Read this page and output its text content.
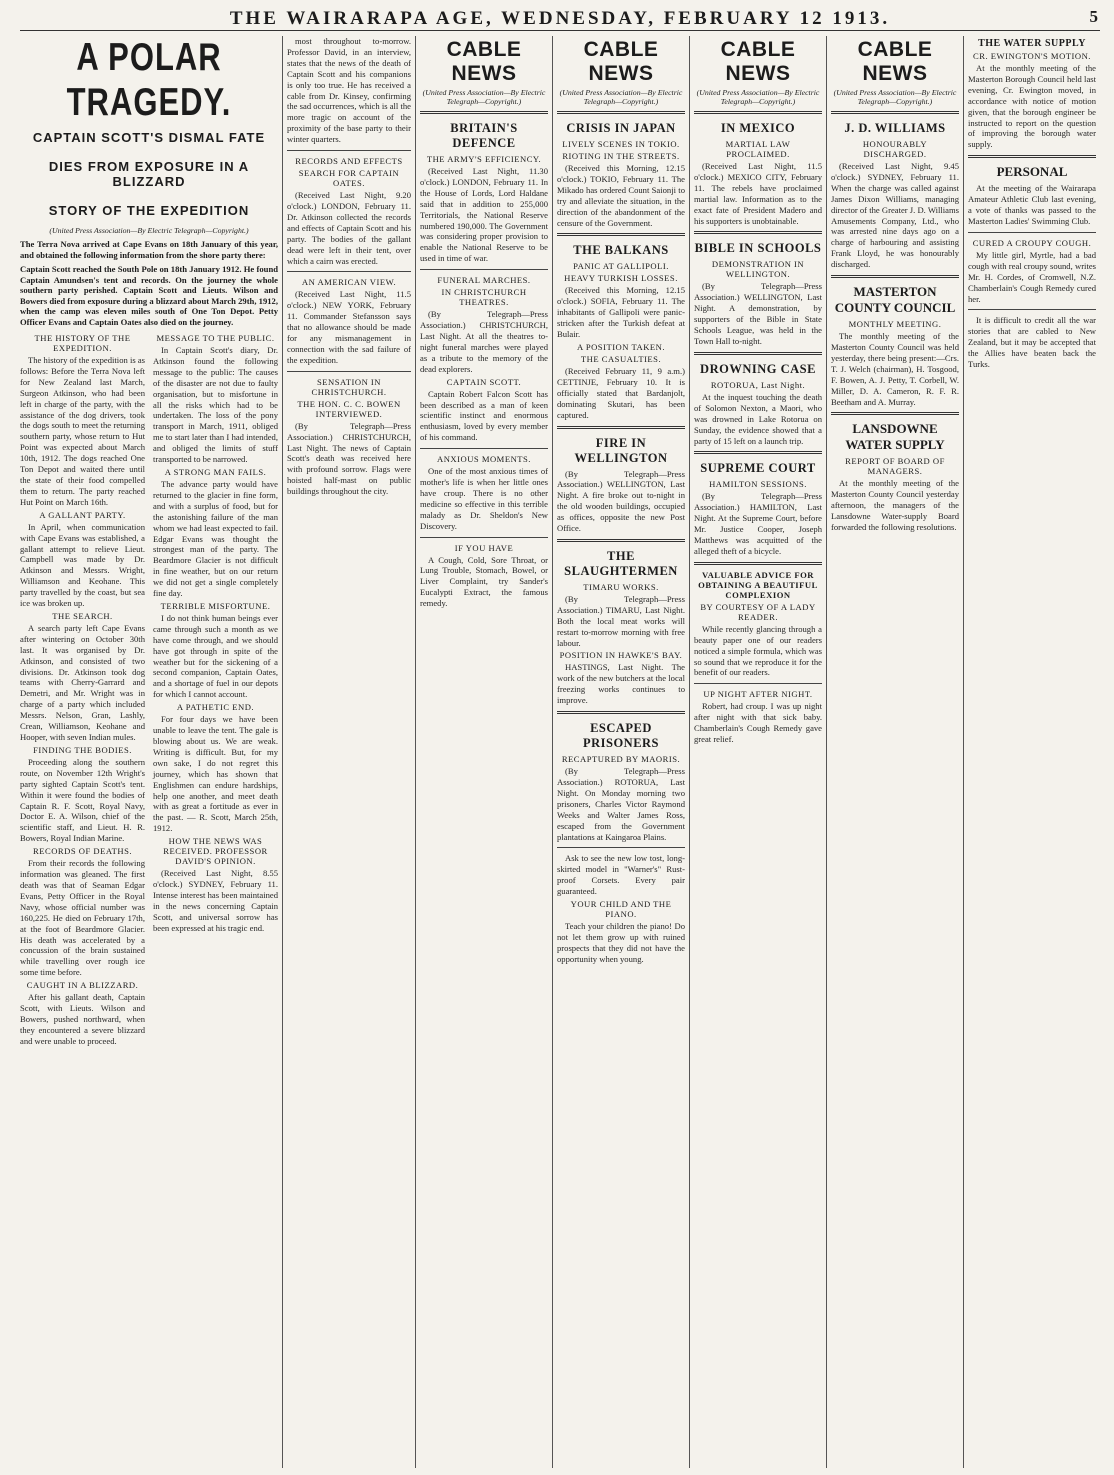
THE WAIRARAPA AGE, WEDNESDAY, FEBRUARY 12 1913.	5
A POLAR TRAGEDY.
CAPTAIN SCOTT'S DISMAL FATE
DIES FROM EXPOSURE IN A BLIZZARD
STORY OF THE EXPEDITION
(United Press Association—By Electric Telegraph—Copyright.)

The Terra Nova arrived at Cape Evans on 18th January of this year, and obtained the following information from the shore party there:

Captain Scott reached the South Pole on 18th January 1912. He found Captain Amundsen's tent and records. On the journey the whole southern party perished. Captain Scott and Lieuts. Wilson and Bowers died from exposure during a blizzard about March 29th, 1912, when the camp was eleven miles south of One Ton Depot. Petty Officer Evans and Captain Oates also died on the journey.

THE HISTORY OF THE EXPEDITION.

The history of the expedition is as follows: Before the Terra Nova left for New Zealand last March, Surgeon Atkinson, who had been left in charge of the party, with the assistance of the dog drivers, took the dogs south to meet the returning southern party, whose return to Hut Point was expected about March 10th, 1912. The dogs reached One Ton Depot and waited there until the state of their food compelled them to return. The party reached Hut Point on March 16th.

A GALLANT PARTY.

In April, when communication with Cape Evans was established, a gallant attempt to relieve Lieut. Campbell was made by Dr. Atkinson and Messrs. Wright, Williamson and Keohane. This party travelled by the coast, but sea ice was broken up.

THE SEARCH.

A search party left Cape Evans after wintering on October 30th last. It was organised by Dr. Atkinson, and consisted of two divisions. Dr. Atkinson took dog teams with Cherry-Garrard and Demetri, and Mr. Wright was in charge of a party which included Messrs. Nelson, Gran, Lashly, Crean, Williamson, Keohane and Hooper, with seven Indian mules.

FINDING THE BODIES.

Proceeding along the southern route, on November 12th Wright's party sighted Captain Scott's tent. Within it were found the bodies of Captain R. F. Scott, Royal Navy, Doctor E. A. Wilson, chief of the scientific staff, and Lieut. H. R. Bowers, Royal Indian Marine.

RECORDS OF DEATHS.

From their records the following information was gleaned. The first death was that of Seaman Edgar Evans, Petty Officer in the Royal Navy, whose official number was 160,225. He died on February 17th, at the foot of Beardmore Glacier. His death was accelerated by a concussion of the brain sustained while travelling over rough ice some time before.

CAUGHT IN A BLIZZARD.

After his gallant death, Captain Scott, with Lieuts. Wilson and Bowers, pushed northward, when they encountered a severe blizzard and were unable to proceed.

MESSAGE TO THE PUBLIC.

In Captain Scott's diary, Dr. Atkinson found the following message to the public: The causes of the disaster are not due to faulty organisation, but to misfortune in all the risks which had to be undertaken. The loss of the pony transport in March, 1911, obliged me to start later than I had intended, and obliged the limits of stuff transported to be narrowed.

A STRONG MAN FAILS.

The advance party would have returned to the glacier in fine form, and with a surplus of food, but for the astonishing failure of the man whom we had least expected to fail. Edgar Evans was thought the strongest man of the party. The Beardmore Glacier is not difficult in fine weather, but on our return we did not get a single completely fine day.

TERRIBLE MISFORTUNE.

I do not think human beings ever came through such a month as we have come through, and we should have got through in spite of the weather but for the sickening of a second companion, Captain Oates, and a shortage of fuel in our depots for which I cannot account.

A PATHETIC END.

For four days we have been unable to leave the tent. The gale is blowing about us. We are weak. Writing is difficult. But, for my own sake, I do not regret this journey, which has shown that Englishmen can endure hardships, help one another, and meet death with as great a fortitude as ever in the past. — R. Scott, March 25th, 1912.

HOW THE NEWS WAS RECEIVED. PROFESSOR DAVID'S OPINION.

(Received Last Night, 8.55 o'clock.) SYDNEY, February 11. Intense interest has been maintained in the news concerning Captain Scott, and universal sorrow has been expressed at his tragic end.

most throughout to-morrow. Professor David, in an interview, states that the news of the death of Captain Scott and his companions is only too true. He has received a cable from Dr. Kinsey, confirming the sad occurrences, which is all the more tragic on account of the proximity of the base party to their winter quarters.

RECORDS AND EFFECTS
SEARCH FOR CAPTAIN OATES.

(Received Last Night, 9.20 o'clock.) LONDON, February 11. Dr. Atkinson collected the records and effects of Captain Scott and his party. The bodies of the gallant dead were left in their tent, over which a cairn was erected.

AN AMERICAN VIEW.

(Received Last Night, 11.5 o'clock.) NEW YORK, February 11. Commander Stefansson says that no allowance should be made for any mismanagement in connection with the sad failure of the expedition.

SENSATION IN CHRISTCHURCH.
THE HON. C. C. BOWEN INTERVIEWED.

(By Telegraph—Press Association.) CHRISTCHURCH, Last Night. The news of Captain Scott's death was received here with profound sorrow. Flags were hoisted half-mast on public buildings throughout the city.

CABLE NEWS
(United Press Association—By Electric Telegraph—Copyright.)
BRITAIN'S DEFENCE
THE ARMY'S EFFICIENCY.

(Received Last Night, 11.30 o'clock.) LONDON, February 11. In the House of Lords, Lord Haldane said that in addition to 255,000 Territorials, the National Reserve numbered 190,000. The Government was considering proper provision to enable the National Reserve to be used in time of war.

FUNERAL MARCHES.
IN CHRISTCHURCH THEATRES.

(By Telegraph—Press Association.) CHRISTCHURCH, Last Night. At all the theatres to-night funeral marches were played as a tribute to the memory of the dead explorers.

CAPTAIN SCOTT.

Captain Robert Falcon Scott has been described as a man of keen scientific instinct and enormous enthusiasm, loved by every member of his command.

ANXIOUS MOMENTS.

One of the most anxious times of mother's life is when her little ones have croup. There is no other medicine so effective in this terrible malady as Dr. Sheldon's New Discovery.

IF YOU HAVE

A Cough, Cold, Sore Throat, or Lung Trouble, Stomach, Bowel, or Liver Complaint, try Sander's Eucalypti Extract, the famous remedy.

CABLE NEWS
(United Press Association—By Electric Telegraph—Copyright.)
CRISIS IN JAPAN
LIVELY SCENES IN TOKIO.
RIOTING IN THE STREETS.

(Received this Morning, 12.15 o'clock.) TOKIO, February 11. The Mikado has ordered Count Saionji to try and alleviate the situation, in the direction of the abandonment of the censure of the Government.

THE BALKANS
PANIC AT GALLIPOLI.
HEAVY TURKISH LOSSES.

(Received this Morning, 12.15 o'clock.) SOFIA, February 11. The inhabitants of Gallipoli were panic-stricken after the Turkish defeat at Bulair.

A POSITION TAKEN.
THE CASUALTIES.

(Received February 11, 9 a.m.) CETTINJE, February 10. It is officially stated that Bardanjolt, dominating Skutari, has been captured.

FIRE IN WELLINGTON

(By Telegraph—Press Association.) WELLINGTON, Last Night. A fire broke out to-night in the old wooden buildings, occupied as offices, opposite the new Post Office.

THE SLAUGHTERMEN
TIMARU WORKS.

(By Telegraph—Press Association.) TIMARU, Last Night. Both the local meat works will restart to-morrow morning with free labour.

POSITION IN HAWKE'S BAY.

HASTINGS, Last Night. The work of the new butchers at the local freezing works continues to improve.

ESCAPED PRISONERS
RECAPTURED BY MAORIS.

(By Telegraph—Press Association.) ROTORUA, Last Night. On Monday morning two prisoners, Charles Victor Raymond Weeks and Walter James Ross, escaped from the Government plantations at Kaingaroa Plains.

Ask to see the new low tost, long-skirted model in "Warner's" Rust-proof Corsets. Every pair guaranteed.

YOUR CHILD AND THE PIANO.

Teach your children the piano! Do not let them grow up with ruined prospects that they did not have the opportunity when young.

CABLE NEWS
(United Press Association—By Electric Telegraph—Copyright.)
IN MEXICO
MARTIAL LAW PROCLAIMED.

(Received Last Night, 11.5 o'clock.) MEXICO CITY, February 11. The rebels have proclaimed martial law. Information as to the exact fate of President Madero and his supporters is unobtainable.

BIBLE IN SCHOOLS
DEMONSTRATION IN WELLINGTON.

(By Telegraph—Press Association.) WELLINGTON, Last Night. A demonstration, by supporters of the Bible in State Schools League, was held in the Town Hall to-night.

DROWNING CASE
ROTORUA, Last Night.

At the inquest touching the death of Solomon Nexton, a Maori, who was drowned in Lake Rotorua on Sunday, the evidence showed that a party of 15 left on a launch trip.

SUPREME COURT
HAMILTON SESSIONS.

(By Telegraph—Press Association.) HAMILTON, Last Night. At the Supreme Court, before Mr. Justice Cooper, Joseph Matthews was acquitted of the alleged theft of a bicycle.

VALUABLE ADVICE FOR OBTAINING A BEAUTIFUL COMPLEXION
BY COURTESY OF A LADY READER.

While recently glancing through a beauty paper one of our readers noticed a simple formula, which was so sound that we reproduce it for the benefit of our readers.

UP NIGHT AFTER NIGHT.

Robert, had croup. I was up night after night with that sick baby. Chamberlain's Cough Remedy gave great relief.

CABLE NEWS
(United Press Association—By Electric Telegraph—Copyright.)
J. D. WILLIAMS
HONOURABLY DISCHARGED.

(Received Last Night, 9.45 o'clock.) SYDNEY, February 11. When the charge was called against James Dixon Williams, managing director of the Greater J. D. Williams Amusements Company, Ltd., who was arrested nine days ago on a charge of harbouring and assisting Frank Lloyd, he was honourably discharged.

MASTERTON COUNTY COUNCIL
MONTHLY MEETING.

The monthly meeting of the Masterton County Council was held yesterday, there being present:—Crs. T. J. Welch (chairman), H. Tosgood, F. Bowen, A. J. Petty, T. Corbell, W. Miller, D. A. Cameron, R. F. R. Beetham and A. Murray.

LANSDOWNE WATER SUPPLY
REPORT OF BOARD OF MANAGERS.

At the monthly meeting of the Masterton County Council yesterday afternoon, the managers of the Lansdowne Water-supply Board forwarded the following resolutions.

THE WATER SUPPLY
CR. EWINGTON'S MOTION.

At the monthly meeting of the Masterton Borough Council held last evening, Cr. Ewington moved, in accordance with notice of motion given, that the borough engineer be instructed to report on the question of improving the borough water supply.

PERSONAL

At the meeting of the Wairarapa Amateur Athletic Club last evening, a vote of thanks was passed to the Masterton Ladies' Swimming Club.

CURED A CROUPY COUGH.

My little girl, Myrtle, had a bad cough with real croupy sound, writes Mr. H. Cordes, of Cromwell, N.Z. Chamberlain's Cough Remedy cured her.

It is difficult to credit all the war stories that are cabled to New Zealand, but it may be accepted that the Allies have beaten back the Turks.
